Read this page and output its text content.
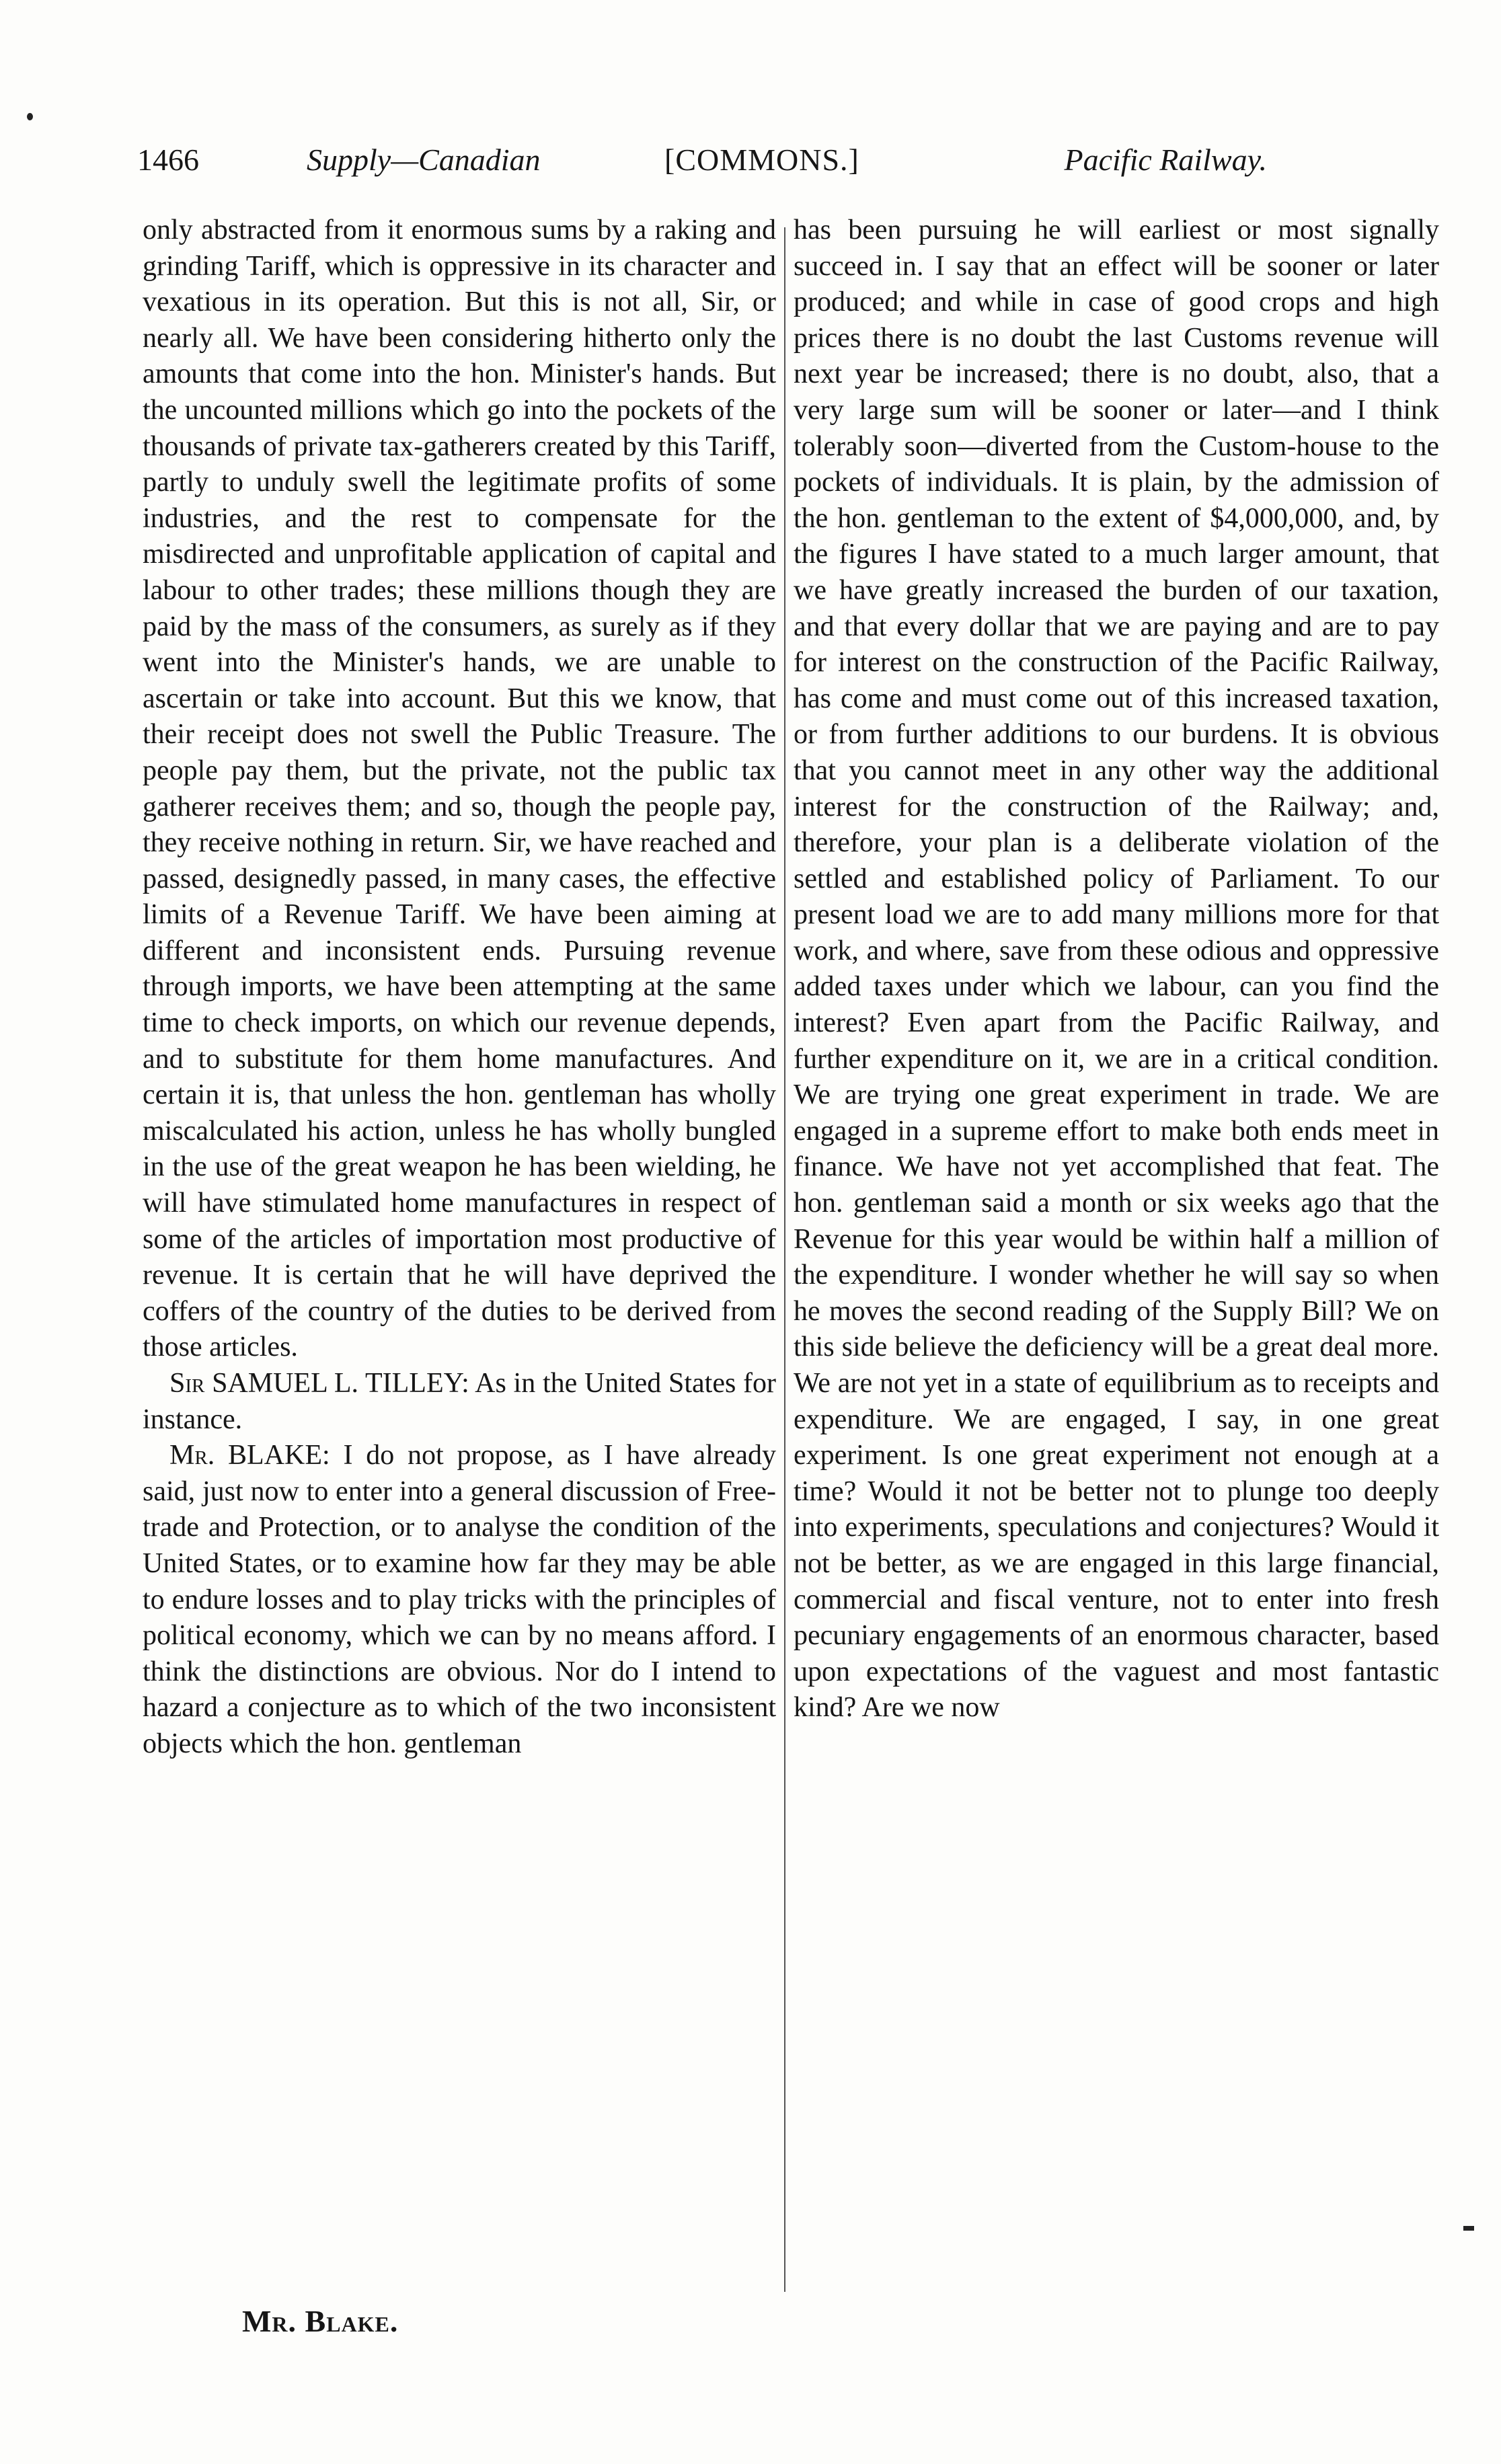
1466	Supply—Canadian	[COMMONS.]	Pacific Railway.

only abstracted from it enormous sums by a raking and grinding Tariff, which is oppressive in its character and vexatious in its operation. But this is not all, Sir, or nearly all. We have been considering hitherto only the amounts that come into the hon. Minister's hands. But the uncounted millions which go into the pockets of the thousands of private tax-gatherers created by this Tariff, partly to unduly swell the legitimate profits of some industries, and the rest to compensate for the misdirected and unprofitable application of capital and labour to other trades; these millions though they are paid by the mass of the consumers, as surely as if they went into the Minister's hands, we are unable to ascertain or take into account. But this we know, that their receipt does not swell the Public Treasure. The people pay them, but the private, not the public tax gatherer receives them; and so, though the people pay, they receive nothing in return. Sir, we have reached and passed, designedly passed, in many cases, the effective limits of a Revenue Tariff. We have been aiming at different and inconsistent ends. Pursuing revenue through imports, we have been attempting at the same time to check imports, on which our revenue depends, and to substitute for them home manufactures. And certain it is, that unless the hon. gentleman has wholly miscalculated his action, unless he has wholly bungled in the use of the great weapon he has been wielding, he will have stimulated home manufactures in respect of some of the articles of importation most productive of revenue. It is certain that he will have deprived the coffers of the country of the duties to be derived from those articles.

Sir SAMUEL L. TILLEY: As in the United States for instance.

Mr. BLAKE: I do not propose, as I have already said, just now to enter into a general discussion of Free-trade and Protection, or to analyse the condition of the United States, or to examine how far they may be able to endure losses and to play tricks with the principles of political economy, which we can by no means afford. I think the distinctions are obvious. Nor do I intend to hazard a conjecture as to which of the two inconsistent objects which the hon. gentleman

has been pursuing he will earliest or most signally succeed in. I say that an effect will be sooner or later produced; and while in case of good crops and high prices there is no doubt the last Customs revenue will next year be increased; there is no doubt, also, that a very large sum will be sooner or later—and I think tolerably soon—diverted from the Custom-house to the pockets of individuals. It is plain, by the admission of the hon. gentleman to the extent of $4,000,000, and, by the figures I have stated to a much larger amount, that we have greatly increased the burden of our taxation, and that every dollar that we are paying and are to pay for interest on the construction of the Pacific Railway, has come and must come out of this increased taxation, or from further additions to our burdens. It is obvious that you cannot meet in any other way the additional interest for the construction of the Railway; and, therefore, your plan is a deliberate violation of the settled and established policy of Parliament. To our present load we are to add many millions more for that work, and where, save from these odious and oppressive added taxes under which we labour, can you find the interest? Even apart from the Pacific Railway, and further expenditure on it, we are in a critical condition. We are trying one great experiment in trade. We are engaged in a supreme effort to make both ends meet in finance. We have not yet accomplished that feat. The hon. gentleman said a month or six weeks ago that the Revenue for this year would be within half a million of the expenditure. I wonder whether he will say so when he moves the second reading of the Supply Bill? We on this side believe the deficiency will be a great deal more. We are not yet in a state of equilibrium as to receipts and expenditure. We are engaged, I say, in one great experiment. Is one great experiment not enough at a time? Would it not be better not to plunge too deeply into experiments, speculations and conjectures? Would it not be better, as we are engaged in this large financial, commercial and fiscal venture, not to enter into fresh pecuniary engagements of an enormous character, based upon expectations of the vaguest and most fantastic kind? Are we now

Mr. Blake.
